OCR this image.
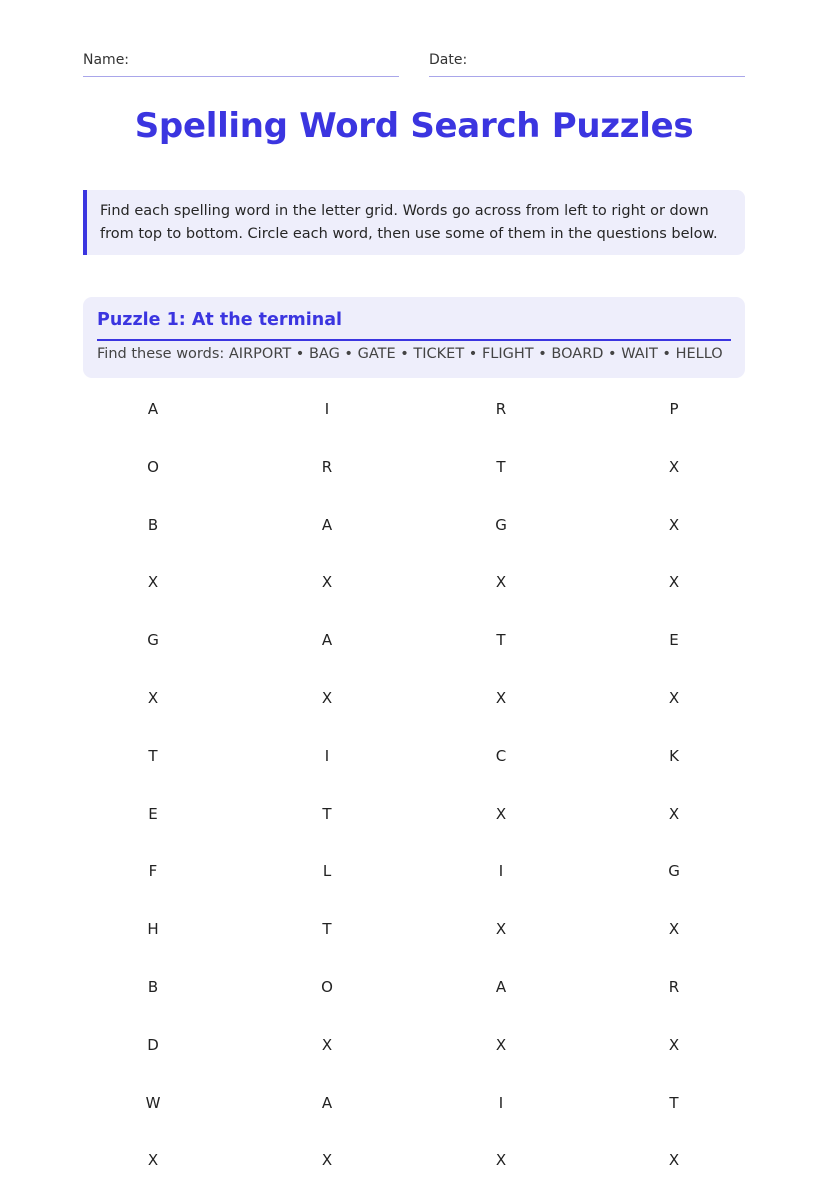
Name:	Date:
Spelling Word Search Puzzles
Find each spelling word in the letter grid. Words go across from left to right or down from top to bottom. Circle each word, then use some of them in the questions below.
Puzzle 1: At the terminal
Find these words: AIRPORT • BAG • GATE • TICKET • FLIGHT • BOARD • WAIT • HELLO
A	I	R	P
O	R	T	X
B	A	G	X
X	X	X	X
G	A	T	E
X	X	X	X
T	I	C	K
E	T	X	X
F	L	I	G
H	T	X	X
B	O	A	R
D	X	X	X
W	A	I	T
X	X	X	X
